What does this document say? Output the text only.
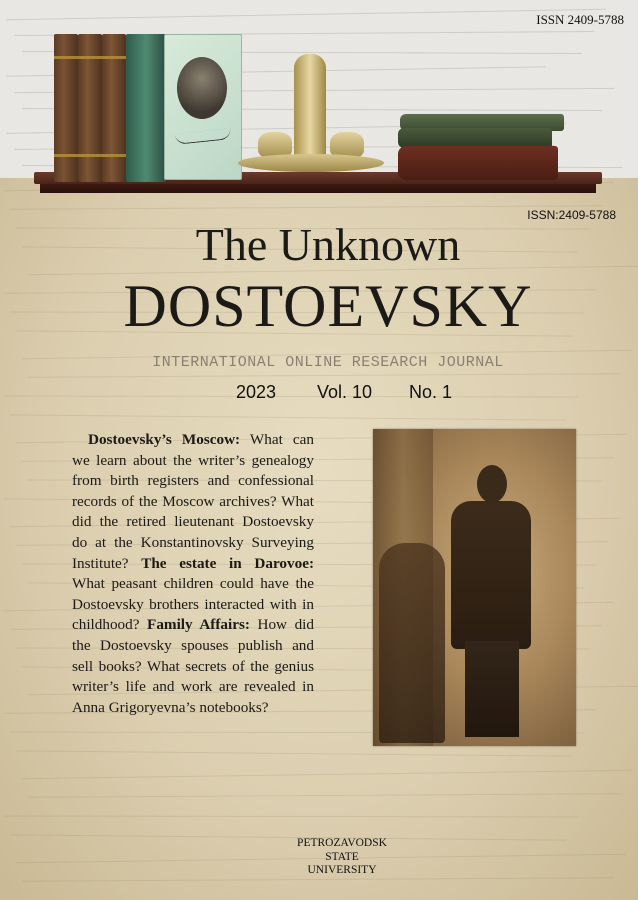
ISSN 2409-5788
ISSN:2409-5788
The Unknown
DOSTOEVSKY
INTERNATIONAL ONLINE RESEARCH JOURNAL
2023 Vol. 10 No. 1

Dostoevsky’s Moscow: What can we learn about the writer’s genealogy from birth registers and confessional records of the Moscow archives? What did the retired lieutenant Dostoevsky do at the Konstantinovsky Surveying Institute? The estate in Darovoe: What peasant children could have the Dostoevsky brothers interacted with in childhood? Family Affairs: How did the Dostoevsky spouses publish and sell books? What secrets of the genius writer’s life and work are revealed in Anna Grigoryevna’s notebooks?

PETROZAVODSK
STATE
UNIVERSITY
